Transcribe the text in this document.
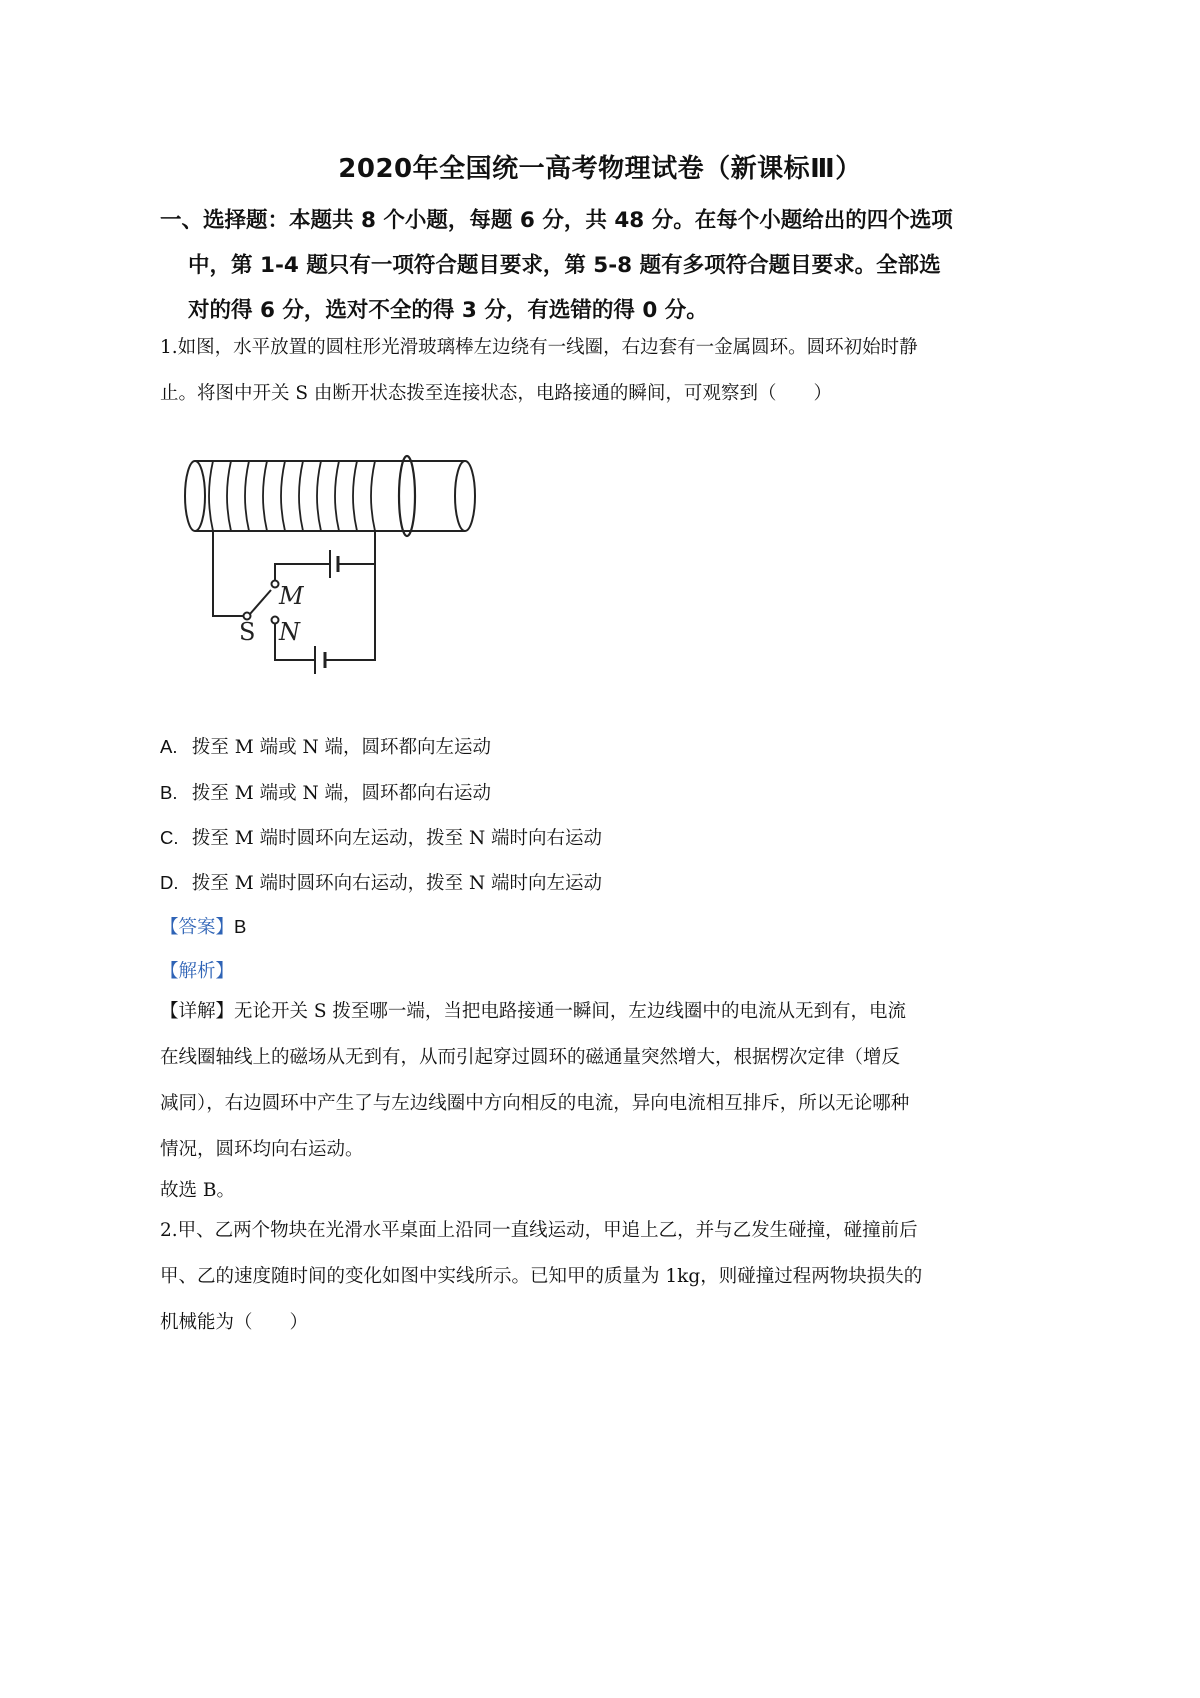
2020年全国统一高考物理试卷（新课标Ⅲ）
一、选择题：本题共 8 个小题，每题 6 分，共 48 分。在每个小题给出的四个选项
中，第 1-4 题只有一项符合题目要求，第 5-8 题有多项符合题目要求。全部选
对的得 6 分，选对不全的得 3 分，有选错的得 0 分。
1.如图，水平放置的圆柱形光滑玻璃棒左边绕有一线圈，右边套有一金属圆环。圆环初始时静
止。将图中开关 S 由断开状态拨至连接状态，电路接通的瞬间，可观察到（　　）
M
N
S
A. 拨至 M 端或 N 端，圆环都向左运动
B. 拨至 M 端或 N 端，圆环都向右运动
C. 拨至 M 端时圆环向左运动，拨至 N 端时向右运动
D. 拨至 M 端时圆环向右运动，拨至 N 端时向左运动
【答案】B
【解析】
【详解】无论开关 S 拨至哪一端，当把电路接通一瞬间，左边线圈中的电流从无到有，电流
在线圈轴线上的磁场从无到有，从而引起穿过圆环的磁通量突然增大，根据楞次定律（增反
减同），右边圆环中产生了与左边线圈中方向相反的电流，异向电流相互排斥，所以无论哪种
情况，圆环均向右运动。
故选 B。
2.甲、乙两个物块在光滑水平桌面上沿同一直线运动，甲追上乙，并与乙发生碰撞，碰撞前后
甲、乙的速度随时间的变化如图中实线所示。已知甲的质量为 1kg，则碰撞过程两物块损失的
机械能为（　　）
